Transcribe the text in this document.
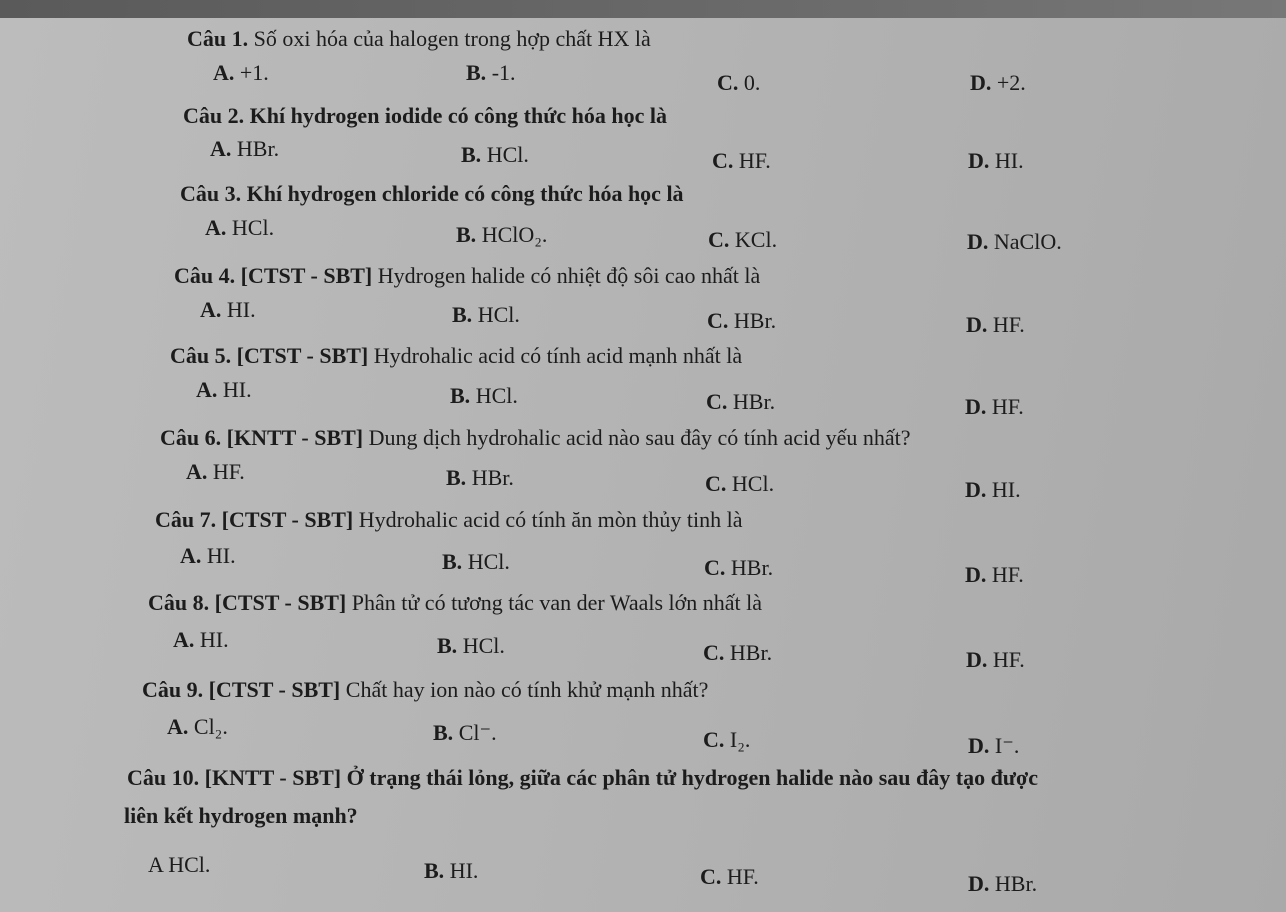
Câu 1. Số oxi hóa của halogen trong hợp chất HX là
A. +1.	B. -1.	C. 0.	D. +2.
Câu 2. Khí hydrogen iodide có công thức hóa học là
A. HBr.	B. HCl.	C. HF.	D. HI.
Câu 3. Khí hydrogen chloride có công thức hóa học là
A. HCl.	B. HClO₂.	C. KCl.	D. NaClO.
Câu 4. [CTST - SBT] Hydrogen halide có nhiệt độ sôi cao nhất là
A. HI.	B. HCl.	C. HBr.	D. HF.
Câu 5. [CTST - SBT] Hydrohalic acid có tính acid mạnh nhất là
A. HI.	B. HCl.	C. HBr.	D. HF.
Câu 6. [KNTT - SBT] Dung dịch hydrohalic acid nào sau đây có tính acid yếu nhất?
A. HF.	B. HBr.	C. HCl.	D. HI.
Câu 7. [CTST - SBT] Hydrohalic acid có tính ăn mòn thủy tinh là
A. HI.	B. HCl.	C. HBr.	D. HF.
Câu 8. [CTST - SBT] Phân tử có tương tác van der Waals lớn nhất là
A. HI.	B. HCl.	C. HBr.	D. HF.
Câu 9. [CTST - SBT] Chất hay ion nào có tính khử mạnh nhất?
A. Cl₂.	B. Cl⁻.	C. I₂.	D. I⁻.
Câu 10. [KNTT - SBT] Ở trạng thái lỏng, giữa các phân tử hydrogen halide nào sau đây tạo được
liên kết hydrogen mạnh?
A HCl.	B. HI.	C. HF.	D. HBr.
